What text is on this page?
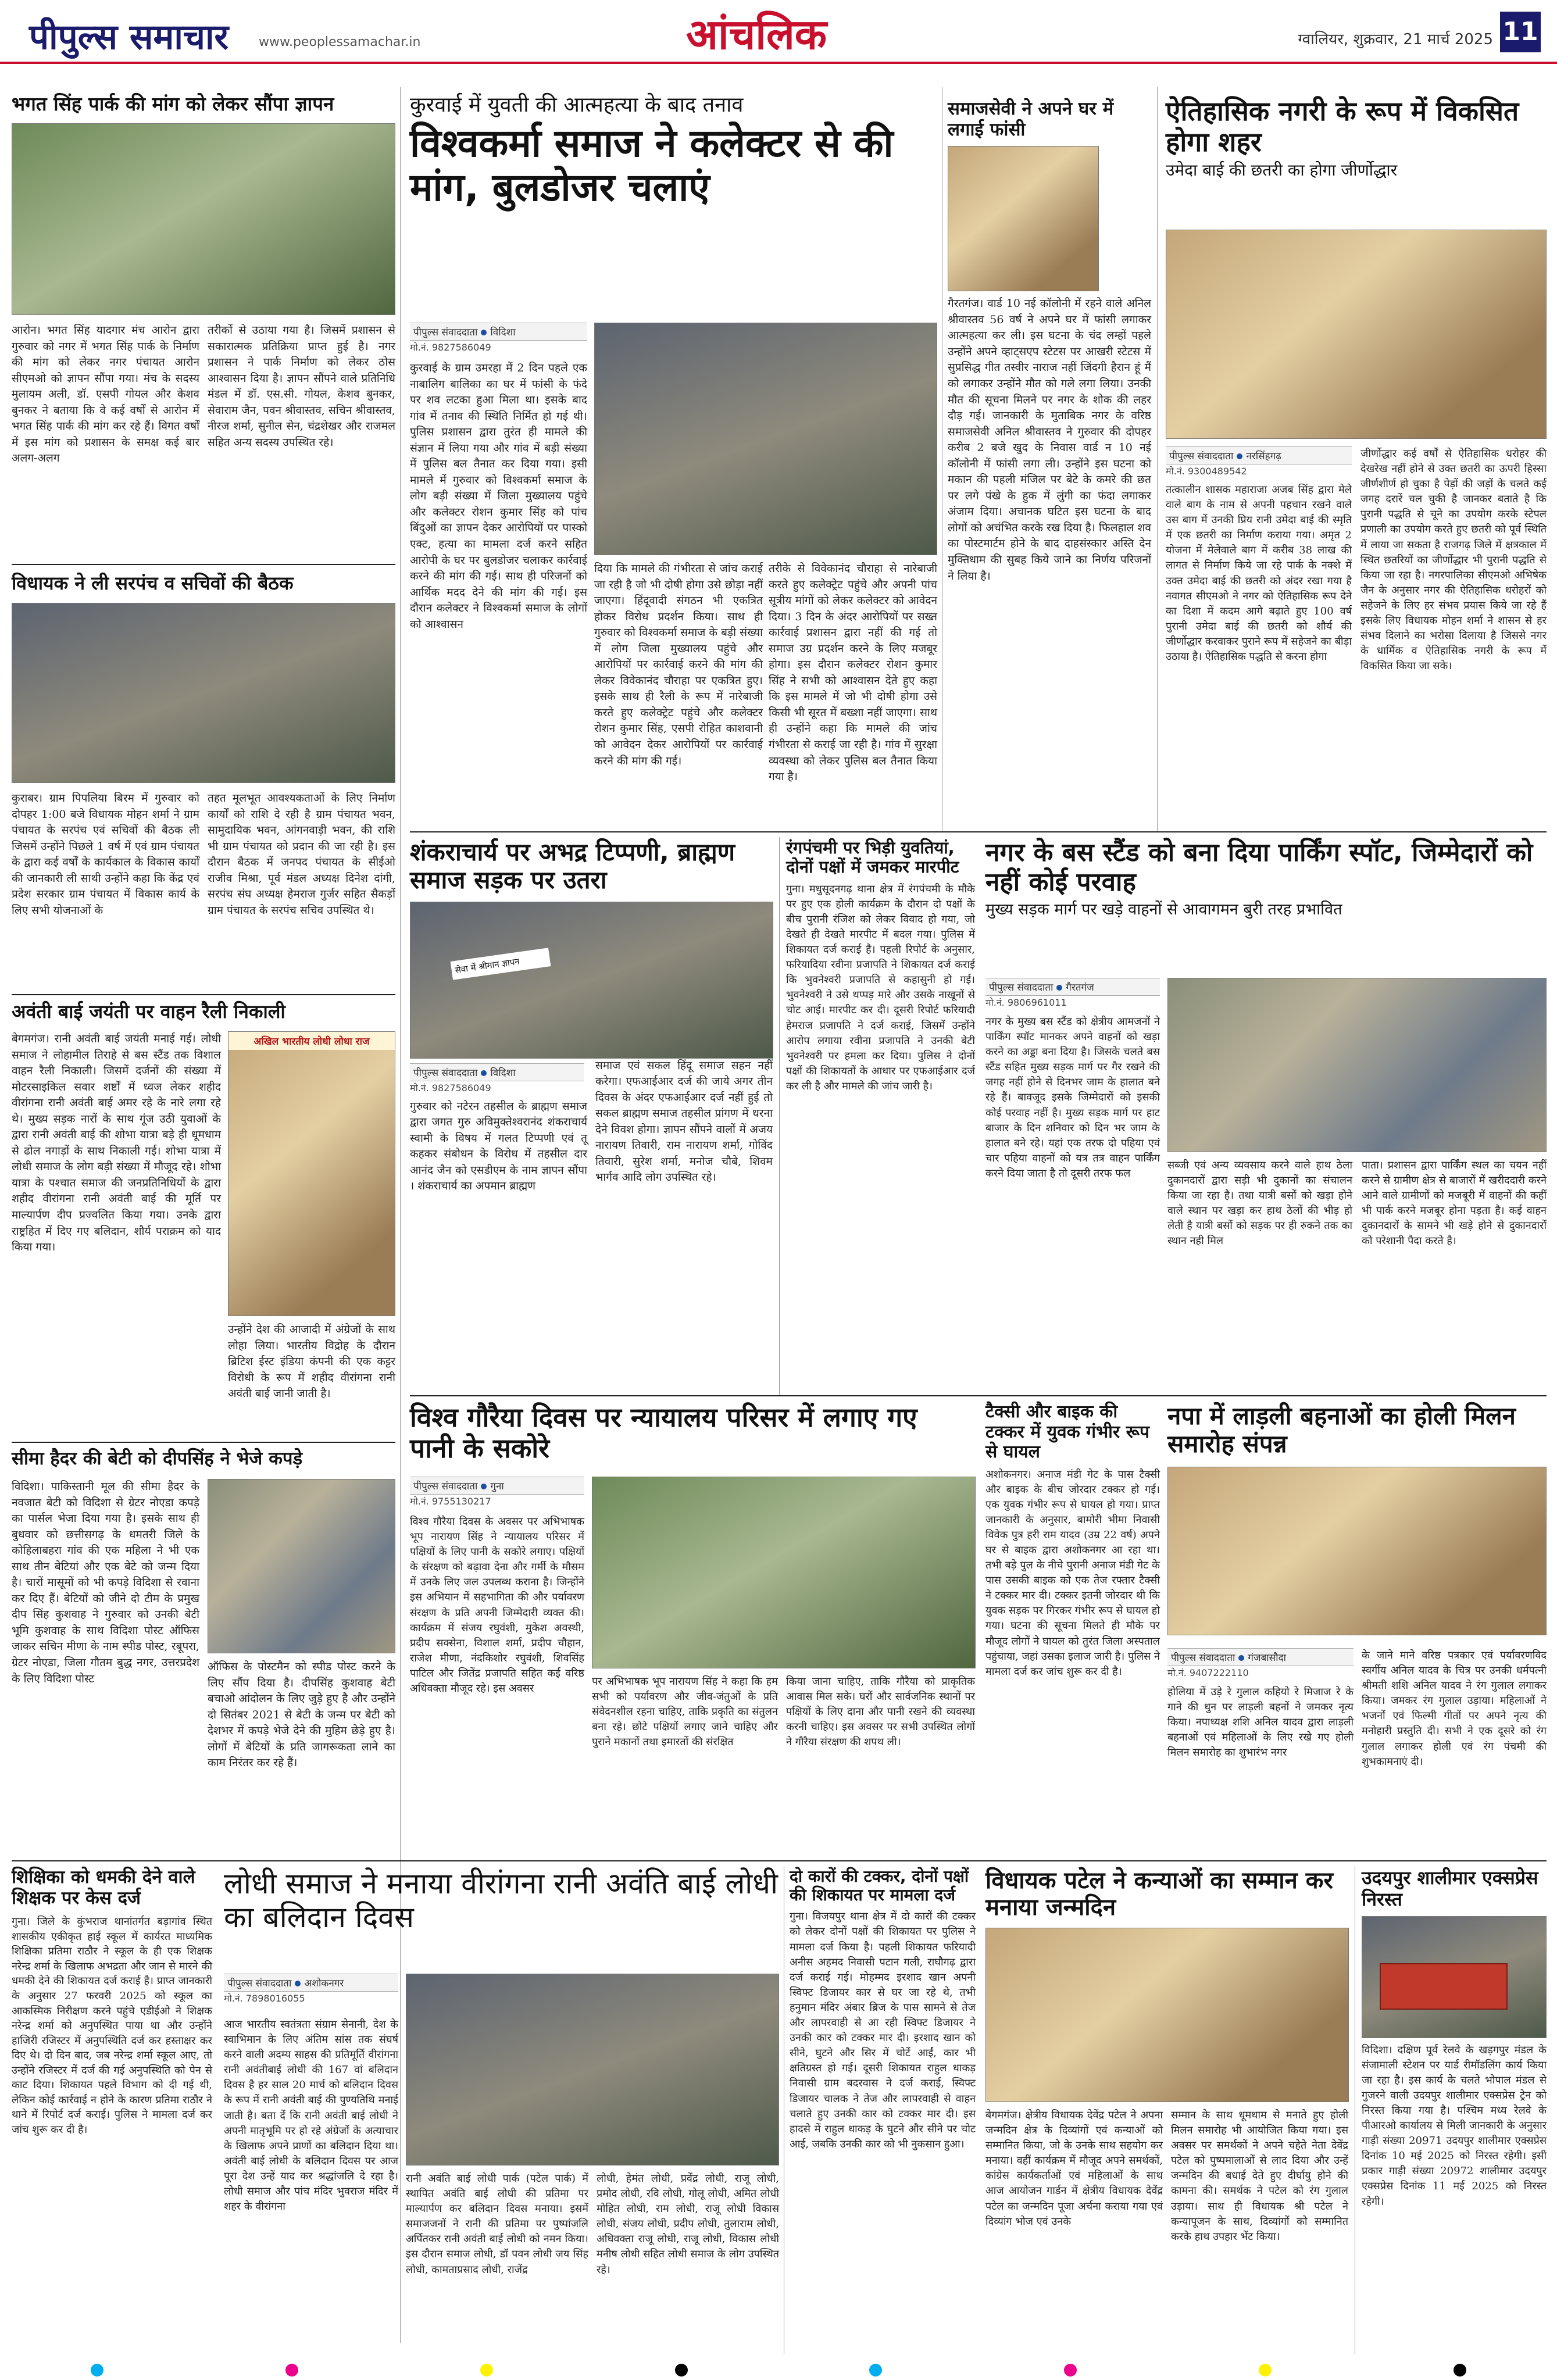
पीपुल्स समाचार www.peoplessamachar.in	आंचलिक	ग्वालियर, शुक्रवार, 21 मार्च 2025 11
भगत सिंह पार्क की मांग को लेकर सौंपा ज्ञापन
आरोन। भगत सिंह यादगार मंच आरोन द्वारा गुरुवार को नगर में भगत सिंह पार्क के निर्माण की मांग को लेकर नगर पंचायत आरोन सीएमओ को ज्ञापन सौंपा गया। मंच के सदस्य मुलायम अली, डॉ. एसपी गोयल और केशव बुनकर ने बताया कि वे कई वर्षों से आरोन में भगत सिंह पार्क की मांग कर रहे हैं। विगत वर्षों में इस मांग को प्रशासन के समक्ष कई बार अलग-अलग
तरीकों से उठाया गया है। जिसमें प्रशासन से सकारात्मक प्रतिक्रिया प्राप्त हुई है। नगर प्रशासन ने पार्क निर्माण को लेकर ठोस आश्वासन दिया है। ज्ञापन सौंपने वाले प्रतिनिधि मंडल में डॉ. एस.सी. गोयल, केशव बुनकर, सेवाराम जैन, पवन श्रीवास्तव, सचिन श्रीवास्तव, नीरज शर्मा, सुनील सेन, चंद्रशेखर और राजमल सहित अन्य सदस्य उपस्थित रहे।
विधायक ने ली सरपंच व सचिवों की बैठक
कुराबर। ग्राम पिपलिया बिरम में गुरुवार को दोपहर 1:00 बजे विधायक मोहन शर्मा ने ग्राम पंचायत के सरपंच एवं सचिवों की बैठक ली जिसमें उन्होंने पिछले 1 वर्ष में एवं ग्राम पंचायत के द्वारा कई वर्षों के कार्यकाल के विकास कार्यों की जानकारी ली साथी उन्होंने कहा कि केंद्र एवं प्रदेश सरकार ग्राम पंचायत में विकास कार्य के लिए सभी योजनाओं के
तहत मूलभूत आवश्यकताओं के लिए निर्माण कार्यों को राशि दे रही है ग्राम पंचायत भवन, सामुदायिक भवन, आंगनवाड़ी भवन, की राशि भी ग्राम पंचायत को प्रदान की जा रही है। इस दौरान बैठक में जनपद पंचायत के सीईओ राजीव मिश्रा, पूर्व मंडल अध्यक्ष दिनेश दांगी, सरपंच संघ अध्यक्ष हेमराज गुर्जर सहित सैकड़ों ग्राम पंचायत के सरपंच सचिव उपस्थित थे।
अवंती बाई जयंती पर वाहन रैली निकाली
बेगमगंज। रानी अवंती बाई जयंती मनाई गई। लोधी समाज ने लोहामील तिराहे से बस स्टैंड तक विशाल वाहन रैली निकाली। जिसमें दर्जनों की संख्या में मोटरसाइकिल सवार शर्ष्टों में ध्वज लेकर शहीद वीरांगना रानी अवंती बाई अमर रहे के नारे लगा रहे थे। मुख्य सड़क नारों के साथ गूंज उठी युवाओं के द्वारा रानी अवंती बाई की शोभा यात्रा बड़े ही धूमधाम से ढोल नगाड़ों के साथ निकाली गई। शोभा यात्रा में लोधी समाज के लोग बड़ी संख्या में मौजूद रहे। शोभा यात्रा के पश्चात समाज की जनप्रतिनिधियों के द्वारा शहीद वीरांगना रानी अवंती बाई की मूर्ति पर माल्यार्पण दीप प्रज्वलित किया गया। उनके द्वारा राष्ट्रहित में दिए गए बलिदान, शौर्य पराक्रम को याद किया गया।
अखिल भारतीय लोधी लोधा राज
उन्होंने देश की आजादी में अंग्रेजों के साथ लोहा लिया। भारतीय विद्रोह के दौरान ब्रिटिश ईस्ट इंडिया कंपनी की एक कट्टर विरोधी के रूप में शहीद वीरांगना रानी अवंती बाई जानी जाती है।
सीमा हैदर की बेटी को दीपसिंह ने भेजे कपड़े
विदिशा। पाकिस्तानी मूल की सीमा हैदर के नवजात बेटी को विदिशा से ग्रेटर नोएडा कपड़े का पार्सल भेजा दिया गया है। इसके साथ ही बुधवार को छत्तीसगढ़ के धमतरी जिले के कोहिलाबहरा गांव की एक महिला ने भी एक साथ तीन बेटियां और एक बेटे को जन्म दिया है। चारों मासूमों को भी कपड़े विदिशा से रवाना कर दिए हैं। बेटियों को जीने दो टीम के प्रमुख दीप सिंह कुशवाह ने गुरुवार को उनकी बेटी भूमि कुशवाह के साथ विदिशा पोस्ट ऑफिस जाकर सचिन मीणा के नाम स्पीड पोस्ट, रबूपरा, ग्रेटर नोएडा, जिला गौतम बुद्ध नगर, उत्तरप्रदेश के लिए विदिशा पोस्ट
ऑफिस के पोस्टमैन को स्पीड पोस्ट करने के लिए सौंप दिया है। दीपसिंह कुशवाह बेटी बचाओ आंदोलन के लिए जुड़े हुए है और उन्होंने दो सितंबर 2021 से बेटी के जन्म पर बेटी को देशभर में कपड़े भेजे देने की मुहिम छेड़े हुए है। लोगों में बेटियों के प्रति जागरूकता लाने का काम निरंतर कर रहे हैं।
शिक्षिका को धमकी देने वाले शिक्षक पर केस दर्ज
गुना। जिले के कुंभराज थानांतर्गत बड़ागांव स्थित शासकीय एकीकृत हाई स्कूल में कार्यरत माध्यमिक शिक्षिका प्रतिमा राठौर ने स्कूल के ही एक शिक्षक नरेन्द्र शर्मा के खिलाफ अभद्रता और जान से मारने की धमकी देने की शिकायत दर्ज कराई है। प्राप्त जानकारी के अनुसार 27 फरवरी 2025 को स्कूल का आकस्मिक निरीक्षण करने पहुंचे एडीईओ ने शिक्षक नरेन्द्र शर्मा को अनुपस्थित पाया था और उन्होंने हाजिरी रजिस्टर में अनुपस्थिति दर्ज कर हस्ताक्षर कर दिए थे। दो दिन बाद, जब नरेन्द्र शर्मा स्कूल आए, तो उन्होंने रजिस्टर में दर्ज की गई अनुपस्थिति को पेन से काट दिया। शिकायत पहले विभाग को दी गई थी, लेकिन कोई कार्रवाई न होने के कारण प्रतिमा राठौर ने थाने में रिपोर्ट दर्ज कराई। पुलिस ने मामला दर्ज कर जांच शुरू कर दी है।
कुरवाई में युवती की आत्महत्या के बाद तनाव
विश्वकर्मा समाज ने कलेक्टर से की मांग, बुलडोजर चलाएं
पीपुल्स संवाददाता विदिशा
मो.नं. 9827586049
कुरवाई के ग्राम उमरहा में 2 दिन पहले एक नाबालिग बालिका का घर में फांसी के फंदे पर शव लटका हुआ मिला था। इसके बाद गांव में तनाव की स्थिति निर्मित हो गई थी। पुलिस प्रशासन द्वारा तुरंत ही मामले की संज्ञान में लिया गया और गांव में बड़ी संख्या में पुलिस बल तैनात कर दिया गया। इसी मामले में गुरुवार को विश्वकर्मा समाज के लोग बड़ी संख्या में जिला मुख्यालय पहुंचे और कलेक्टर रोशन कुमार सिंह को पांच बिंदुओं का ज्ञापन देकर आरोपियों पर पास्को एक्ट, हत्या का मामला दर्ज करने सहित आरोपी के घर पर बुलडोजर चलाकर कार्रवाई करने की मांग की गई। साथ ही परिजनों को आर्थिक मदद देने की मांग की गई। इस दौरान कलेक्टर ने विश्वकर्मा समाज के लोगों को आश्वासन
दिया कि मामले की गंभीरता से जांच कराई जा रही है जो भी दोषी होगा उसे छोड़ा नहीं जाएगा। हिंदूवादी संगठन भी एकत्रित होकर विरोध प्रदर्शन किया। साथ ही गुरुवार को विश्वकर्मा समाज के बड़ी संख्या में लोग जिला मुख्यालय पहुंचे और आरोपियों पर कार्रवाई करने की मांग की लेकर विवेकानंद चौराहा पर एकत्रित हुए। इसके साथ ही रैली के रूप में नारेबाजी करते हुए कलेक्ट्रेट पहुंचे और कलेक्टर रोशन कुमार सिंह, एसपी रोहित काशवानी को आवेदन देकर आरोपियों पर कार्रवाई करने की मांग की गई।
तरीके से विवेकानंद चौराहा से नारेबाजी करते हुए कलेक्ट्रेट पहुंचे और अपनी पांच सूत्रीय मांगों को लेकर कलेक्टर को आवेदन दिया। 3 दिन के अंदर आरोपियों पर सख्त कार्रवाई प्रशासन द्वारा नहीं की गई तो समाज उग्र प्रदर्शन करने के लिए मजबूर होगा। इस दौरान कलेक्टर रोशन कुमार सिंह ने सभी को आश्वासन देते हुए कहा कि इस मामले में जो भी दोषी होगा उसे किसी भी सूरत में बख्शा नहीं जाएगा। साथ ही उन्होंने कहा कि मामले की जांच गंभीरता से कराई जा रही है। गांव में सुरक्षा व्यवस्था को लेकर पुलिस बल तैनात किया गया है।
समाजसेवी ने अपने घर में लगाई फांसी
गैरतगंज। वार्ड 10 नई कॉलोनी में रहने वाले अनिल श्रीवास्तव 56 वर्ष ने अपने घर में फांसी लगाकर आत्महत्या कर ली। इस घटना के चंद लम्हों पहले उन्होंने अपने व्हाट्सएप स्टेटस पर आखरी स्टेटस में सुप्रसिद्ध गीत तस्वीर नाराज नहीं जिंदगी हैरान हूं मैं को लगाकर उन्होंने मौत को गले लगा लिया। उनकी मौत की सूचना मिलने पर नगर के शोक की लहर दौड़ गई। जानकारी के मुताबिक नगर के वरिष्ठ समाजसेवी अनिल श्रीवास्तव ने गुरुवार की दोपहर करीब 2 बजे खुद के निवास वार्ड न 10 नई कॉलोनी में फांसी लगा ली। उन्होंने इस घटना को मकान की पहली मंजिल पर बेटे के कमरे की छत पर लगे पंखे के हुक में लुंगी का फंदा लगाकर अंजाम दिया। अचानक घटित इस घटना के बाद लोगों को अचंभित करके रख दिया है। फिलहाल शव का पोस्टमार्टम होने के बाद दाहसंस्कार अस्ति देन मुक्तिधाम की सुबह किये जाने का निर्णय परिजनों ने लिया है।
ऐतिहासिक नगरी के रूप में विकसित होगा शहर
उमेदा बाई की छतरी का होगा जीर्णोद्धार
पीपुल्स संवाददाता नरसिंहगढ़
मो.नं. 9300489542
तत्कालीन शासक महाराजा अजब सिंह द्वारा मेले वाले बाग के नाम से अपनी पहचान रखने वाले उस बाग में उनकी प्रिय रानी उमेदा बाई की स्मृति में एक छतरी का निर्माण कराया गया। अमृत 2 योजना में मेलेवाले बाग में करीब 38 लाख की लागत से निर्माण किये जा रहे पार्क के नक्शे में उक्त उमेदा बाई की छतरी को अंदर रखा गया है नवागत सीएमओ ने नगर को ऐतिहासिक रूप देने का दिशा में कदम आगे बढ़ाते हुए 100 वर्ष पुरानी उमेदा बाई की छतरी को शौर्य की जीर्णोद्धार करवाकर पुराने रूप में सहेजने का बीड़ा उठाया है। ऐतिहासिक पद्धति से करना होगा
जीर्णोद्धार कई वर्षों से ऐतिहासिक धरोहर की देखरेख नहीं होने से उक्त छतरी का ऊपरी हिस्सा जीर्णशीर्ण हो चुका है पेड़ों की जड़ों के चलते कई जगह दरारें चल चुकी है जानकर बताते है कि पुरानी पद्धति से चूने का उपयोग करके स्टेपल प्रणाली का उपयोग करते हुए छतरी को पूर्व स्थिति में लाया जा सकता है राजगढ़ जिले में क्षत्रकाल में स्थित छतरियों का जीर्णोद्धार भी पुरानी पद्धति से किया जा रहा है। नगरपालिका सीएमओ अभिषेक जैन के अनुसार नगर की ऐतिहासिक धरोहरों को सहेजने के लिए हर संभव प्रयास किये जा रहे हैं इसके लिए विधायक मोहन शर्मा ने शासन से हर संभव दिलाने का भरोसा दिलाया है जिससे नगर के धार्मिक व ऐतिहासिक नगरी के रूप में विकसित किया जा सके।
शंकराचार्य पर अभद्र टिप्पणी, ब्राह्मण समाज सड़क पर उतरा
सेवा में श्रीमान ज्ञापन
पीपुल्स संवाददाता विदिशा
मो.नं. 9827586049
गुरुवार को नटेरन तहसील के ब्राह्मण समाज द्वारा जगत गुरु अविमुक्तेश्वरानंद शंकराचार्य स्वामी के विषय में गलत टिप्पणी एवं तू कहकर संबोधन के विरोध में तहसील दार आनंद जैन को एसडीएम के नाम ज्ञापन सौंपा । शंकराचार्य का अपमान ब्राह्मण
समाज एवं सकल हिंदू समाज सहन नहीं करेगा। एफआईआर दर्ज की जाये अगर तीन दिवस के अंदर एफआईआर दर्ज नहीं हुई तो सकल ब्राह्मण समाज तहसील प्रांगण में धरना देने विवश होगा। ज्ञापन सौंपने वालों में अजय नारायण तिवारी, राम नारायण शर्मा, गोविंद तिवारी, सुरेश शर्मा, मनोज चौबे, शिवम भार्गव आदि लोग उपस्थित रहे।
रंगपंचमी पर भिड़ी युवतियां, दोनों पक्षों में जमकर मारपीट
गुना। मधुसूदनगढ़ थाना क्षेत्र में रंगपंचमी के मौके पर हुए एक होली कार्यक्रम के दौरान दो पक्षों के बीच पुरानी रंजिश को लेकर विवाद हो गया, जो देखते ही देखते मारपीट में बदल गया। पुलिस में शिकायत दर्ज कराई है। पहली रिपोर्ट के अनुसार, फरियादिया रवीना प्रजापति ने शिकायत दर्ज कराई कि भुवनेश्वरी प्रजापति से कहासुनी हो गई। भुवनेश्वरी ने उसे थप्पड़ मारे और उसके नाखूनों से चोट आई। मारपीट कर दी। दूसरी रिपोर्ट फरियादी हेमराज प्रजापति ने दर्ज कराई, जिसमें उन्होंने आरोप लगाया रवीना प्रजापति ने उनकी बेटी भुवनेश्वरी पर हमला कर दिया। पुलिस ने दोनों पक्षों की शिकायतों के आधार पर एफआईआर दर्ज कर ली है और मामले की जांच जारी है।
नगर के बस स्टैंड को बना दिया पार्किंग स्पॉट, जिम्मेदारों को नहीं कोई परवाह
मुख्य सड़क मार्ग पर खड़े वाहनों से आवागमन बुरी तरह प्रभावित
पीपुल्स संवाददाता गैरतगंज
मो.नं. 9806961011
नगर के मुख्य बस स्टैंड को क्षेत्रीय आमजनों ने पार्किंग स्पॉट मानकर अपने वाहनों को खड़ा करने का अड्डा बना दिया है। जिसके चलते बस स्टैंड सहित मुख्य सड़क मार्ग पर गैर रखने की जगह नहीं होने से दिनभर जाम के हालात बने रहे हैं। बावजूद इसके जिम्मेदारों को इसकी कोई परवाह नहीं है। मुख्य सड़क मार्ग पर हाट बाजार के दिन शनिवार को दिन भर जाम के हालात बने रहे। यहां एक तरफ दो पहिया एवं चार पहिया वाहनों को यत्र तत्र वाहन पार्किंग करने दिया जाता है तो दूसरी तरफ फल
सब्जी एवं अन्य व्यवसाय करने वाले हाथ ठेला दुकानदारों द्वारा सड़ी भी दुकानों का संचालन किया जा रहा है। तथा यात्री बसों को खड़ा होने वाले स्थान पर खड़ा कर हाथ ठेलों की भीड़ हो लेती है यात्री बसों को सड़क पर ही रुकने तक का स्थान नही मिल
पाता। प्रशासन द्वारा पार्किंग स्थल का चयन नहीं करने से ग्रामीण क्षेत्र से बाजारों में खरीददारी करने आने वाले ग्रामीणों को मजबूरी में वाहनों की कहीं भी पार्क करने मजबूर होना पड़ता है। कई वाहन दुकानदारों के सामने भी खड़े होने से दुकानदारों को परेशानी पैदा करते है।
विश्व गौरैया दिवस पर न्यायालय परिसर में लगाए गए पानी के सकोरे
पीपुल्स संवाददाता गुना
मो.नं. 9755130217
विश्व गौरैया दिवस के अवसर पर अभिभाषक भूप नारायण सिंह ने न्यायालय परिसर में पक्षियों के लिए पानी के सकोरे लगाए। पक्षियों के संरक्षण को बढ़ावा देना और गर्मी के मौसम में उनके लिए जल उपलब्ध कराना है। जिन्होंने इस अभियान में सहभागिता की और पर्यावरण संरक्षण के प्रति अपनी जिम्मेदारी व्यक्त की। कार्यक्रम में संजय रघुवंशी, मुकेश अवस्थी, प्रदीप सक्सेना, विशाल शर्मा, प्रदीप चौहान, राजेश मीणा, नंदकिशोर रघुवंशी, शिवसिंह पाटिल और जितेंद्र प्रजापति सहित कई वरिष्ठ अधिवक्ता मौजूद रहे। इस अवसर
पर अभिभाषक भूप नारायण सिंह ने कहा कि हम सभी को पर्यावरण और जीव-जंतुओं के प्रति संवेदनशील रहना चाहिए, ताकि प्रकृति का संतुलन बना रहे। छोटे पक्षियों लगाए जाने चाहिए और पुराने मकानों तथा इमारतों की संरक्षित
किया जाना चाहिए, ताकि गौरैया को प्राकृतिक आवास मिल सके। घरों और सार्वजनिक स्थानों पर पक्षियों के लिए दाना और पानी रखने की व्यवस्था करनी चाहिए। इस अवसर पर सभी उपस्थित लोगों ने गौरैया संरक्षण की शपथ ली।
टैक्सी और बाइक की टक्कर में युवक गंभीर रूप से घायल
अशोकनगर। अनाज मंडी गेट के पास टैक्सी और बाइक के बीच जोरदार टक्कर हो गई। एक युवक गंभीर रूप से घायल हो गया। प्राप्त जानकारी के अनुसार, बामोरी भीमा निवासी विवेक पुत्र हरी राम यादव (उम्र 22 वर्ष) अपने घर से बाइक द्वारा अशोकनगर आ रहा था। तभी बड़े पुल के नीचे पुरानी अनाज मंडी गेट के पास उसकी बाइक को एक तेज रफ्तार टैक्सी ने टक्कर मार दी। टक्कर इतनी जोरदार थी कि युवक सड़क पर गिरकर गंभीर रूप से घायल हो गया। घटना की सूचना मिलते ही मौके पर मौजूद लोगों ने घायल को तुरंत जिला अस्पताल पहुंचाया, जहां उसका इलाज जारी है। पुलिस ने मामला दर्ज कर जांच शुरू कर दी है।
नपा में लाड़ली बहनाओं का होली मिलन समारोह संपन्न
पीपुल्स संवाददाता गंजबासौदा
मो.नं. 9407222110
होलिया में उड़े रे गुलाल कहियो रे मिजाज रे के गाने की धुन पर लाड़ली बहनों ने जमकर नृत्य किया। नपाध्यक्ष शशि अनिल यादव द्वारा लाड़ली बहनाओं एवं महिलाओं के लिए रखे गए होली मिलन समारोह का शुभारंभ नगर
के जाने माने वरिष्ठ पत्रकार एवं पर्यावरणविद स्वर्गीय अनिल यादव के चित्र पर उनकी धर्मपत्नी श्रीमती शशि अनिल यादव ने रंग गुलाल लगाकर किया। जमकर रंग गुलाल उड़ाया। महिलाओं ने भजनों एवं फिल्मी गीतों पर अपने नृत्य की मनोहारी प्रस्तुति दी। सभी ने एक दूसरे को रंग गुलाल लगाकर होली एवं रंग पंचमी की शुभकामनाएं दी।
लोधी समाज ने मनाया वीरांगना रानी अवंति बाई लोधी का बलिदान दिवस
पीपुल्स संवाददाता अशोकनगर
मो.नं. 7898016055
आज भारतीय स्वतंत्रता संग्राम सेनानी, देश के स्वाभिमान के लिए अंतिम सांस तक संघर्ष करने वाली अदम्य साहस की प्रतिमूर्ति वीरांगना रानी अवंतीबाई लोधी की 167 वां बलिदान दिवस है हर साल 20 मार्च को बलिदान दिवस के रूप में रानी अवंती बाई की पुण्यतिथि मनाई जाती है। बता दें कि रानी अवंती बाई लोधी ने अपनी मातृभूमि पर हो रहे अंग्रेजों के अत्याचार के खिलाफ अपने प्राणों का बलिदान दिया था। अवंती बाई लोधी के बलिदान दिवस पर आज पूरा देश उन्हें याद कर श्रद्धांजलि दे रहा है। लोधी समाज और पांच मंदिर भुवराज मंदिर में शहर के वीरांगना
रानी अवंति बाई लोधी पार्क (पटेल पार्क) में स्थापित अवंति बाई लोधी की प्रतिमा पर माल्यार्पण कर बलिदान दिवस मनाया। इसमें समाजजनों ने रानी की प्रतिमा पर पुष्पांजलि अर्पितकर रानी अवंती बाई लोधी को नमन किया। इस दौरान समाज लोधी, डॉ पवन लोधी जय सिंह लोधी, कामताप्रसाद लोधी, राजेंद्र
लोधी, हेमंत लोधी, प्रवेंद्र लोधी, राजू लोधी, प्रमोद लोधी, रवि लोधी, गोलू लोधी, अमित लोधी मोहित लोधी, राम लोधी, राजू लोधी विकास लोधी, संजय लोधी, प्रदीप लोधी, तुलाराम लोधी, अधिवक्ता राजू लोधी, राजू लोधी, विकास लोधी मनीष लोधी सहित लोधी समाज के लोग उपस्थित रहे।
दो कारों की टक्कर, दोनों पक्षों की शिकायत पर मामला दर्ज
गुना। विजयपुर थाना क्षेत्र में दो कारों की टक्कर को लेकर दोनों पक्षों की शिकायत पर पुलिस ने मामला दर्ज किया है। पहली शिकायत फरियादी अनीस अहमद निवासी पटान गली, राघौगढ़ द्वारा दर्ज कराई गई। मोहम्मद इरशाद खान अपनी स्विफ्ट डिजायर कार से घर जा रहे थे, तभी हनुमान मंदिर अंबार ब्रिज के पास सामने से तेज और लापरवाही से आ रही स्विफ्ट डिजायर ने उनकी कार को टक्कर मार दी। इरशाद खान को सीने, घुटने और सिर में चोटें आईं, कार भी क्षतिग्रस्त हो गई। दूसरी शिकायत राहुल धाकड़ निवासी ग्राम बदरवास ने दर्ज कराई, स्विफ्ट डिजायर चालक ने तेज और लापरवाही से वाहन चलाते हुए उनकी कार को टक्कर मार दी। इस हादसे में राहुल धाकड़ के घुटने और सीने पर चोट आई, जबकि उनकी कार को भी नुकसान हुआ।
विधायक पटेल ने कन्याओं का सम्मान कर मनाया जन्मदिन
बेगमगंज। क्षेत्रीय विधायक देवेंद्र पटेल ने अपना जन्मदिन क्षेत्र के दिव्यांगों एवं कन्याओं को सम्मानित किया, जो के उनके साथ सहयोग कर मनाया। वहीं कार्यक्रम में मौजूद अपने समर्थकों, कांग्रेस कार्यकर्ताओं एवं महिलाओं के साथ आज आयोजन गार्डन में क्षेत्रीय विधायक देवेंद्र पटेल का जन्मदिन पूजा अर्चना कराया गया एवं दिव्यांग भोज एवं उनके
सम्मान के साथ धूमधाम से मनाते हुए होली मिलन समारोह भी आयोजित किया गया। इस अवसर पर समर्थकों ने अपने चहेते नेता देवेंद्र पटेल को पुष्पमालाओं से लाद दिया और उन्हें जन्मदिन की बधाई देते हुए दीर्घायु होने की कामना की। समर्थक ने पटेल को रंग गुलाल उड़ाया। साथ ही विधायक श्री पटेल ने कन्यापूजन के साथ, दिव्यांगों को सम्मानित करके हाथ उपहार भेंट किया।
उदयपुर शालीमार एक्सप्रेस निरस्त
विदिशा। दक्षिण पूर्व रेलवे के खड़गपुर मंडल के संजामाली स्टेशन पर यार्ड रीमॉडलिंग कार्य किया जा रहा है। इस कार्य के चलते भोपाल मंडल से गुजरने वाली उदयपुर शालीमार एक्सप्रेस ट्रेन को निरस्त किया गया है। पश्चिम मध्य रेलवे के पीआरओ कार्यालय से मिली जानकारी के अनुसार गाड़ी संख्या 20971 उदयपुर शालीमार एक्सप्रेस दिनांक 10 मई 2025 को निरस्त रहेगी। इसी प्रकार गाड़ी संख्या 20972 शालीमार उदयपुर एक्सप्रेस दिनांक 11 मई 2025 को निरस्त रहेगी।
